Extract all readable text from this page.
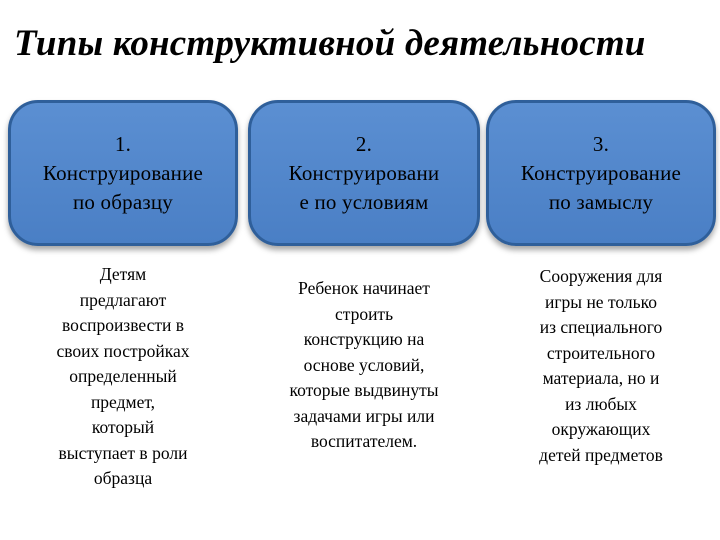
Типы конструктивной деятельности
1.
Конструирование
по образцу
Детям
предлагают
воспроизвести в
своих постройках
определенный
предмет,
который
выступает в роли
образца
2.
Конструировани
е по условиям
Ребенок начинает
строить
конструкцию на
основе условий,
которые выдвинуты
задачами игры или
воспитателем.
3.
Конструирование
по замыслу
Сооружения для
игры не только
из специального
строительного
материала, но и
из любых
окружающих
детей предметов
